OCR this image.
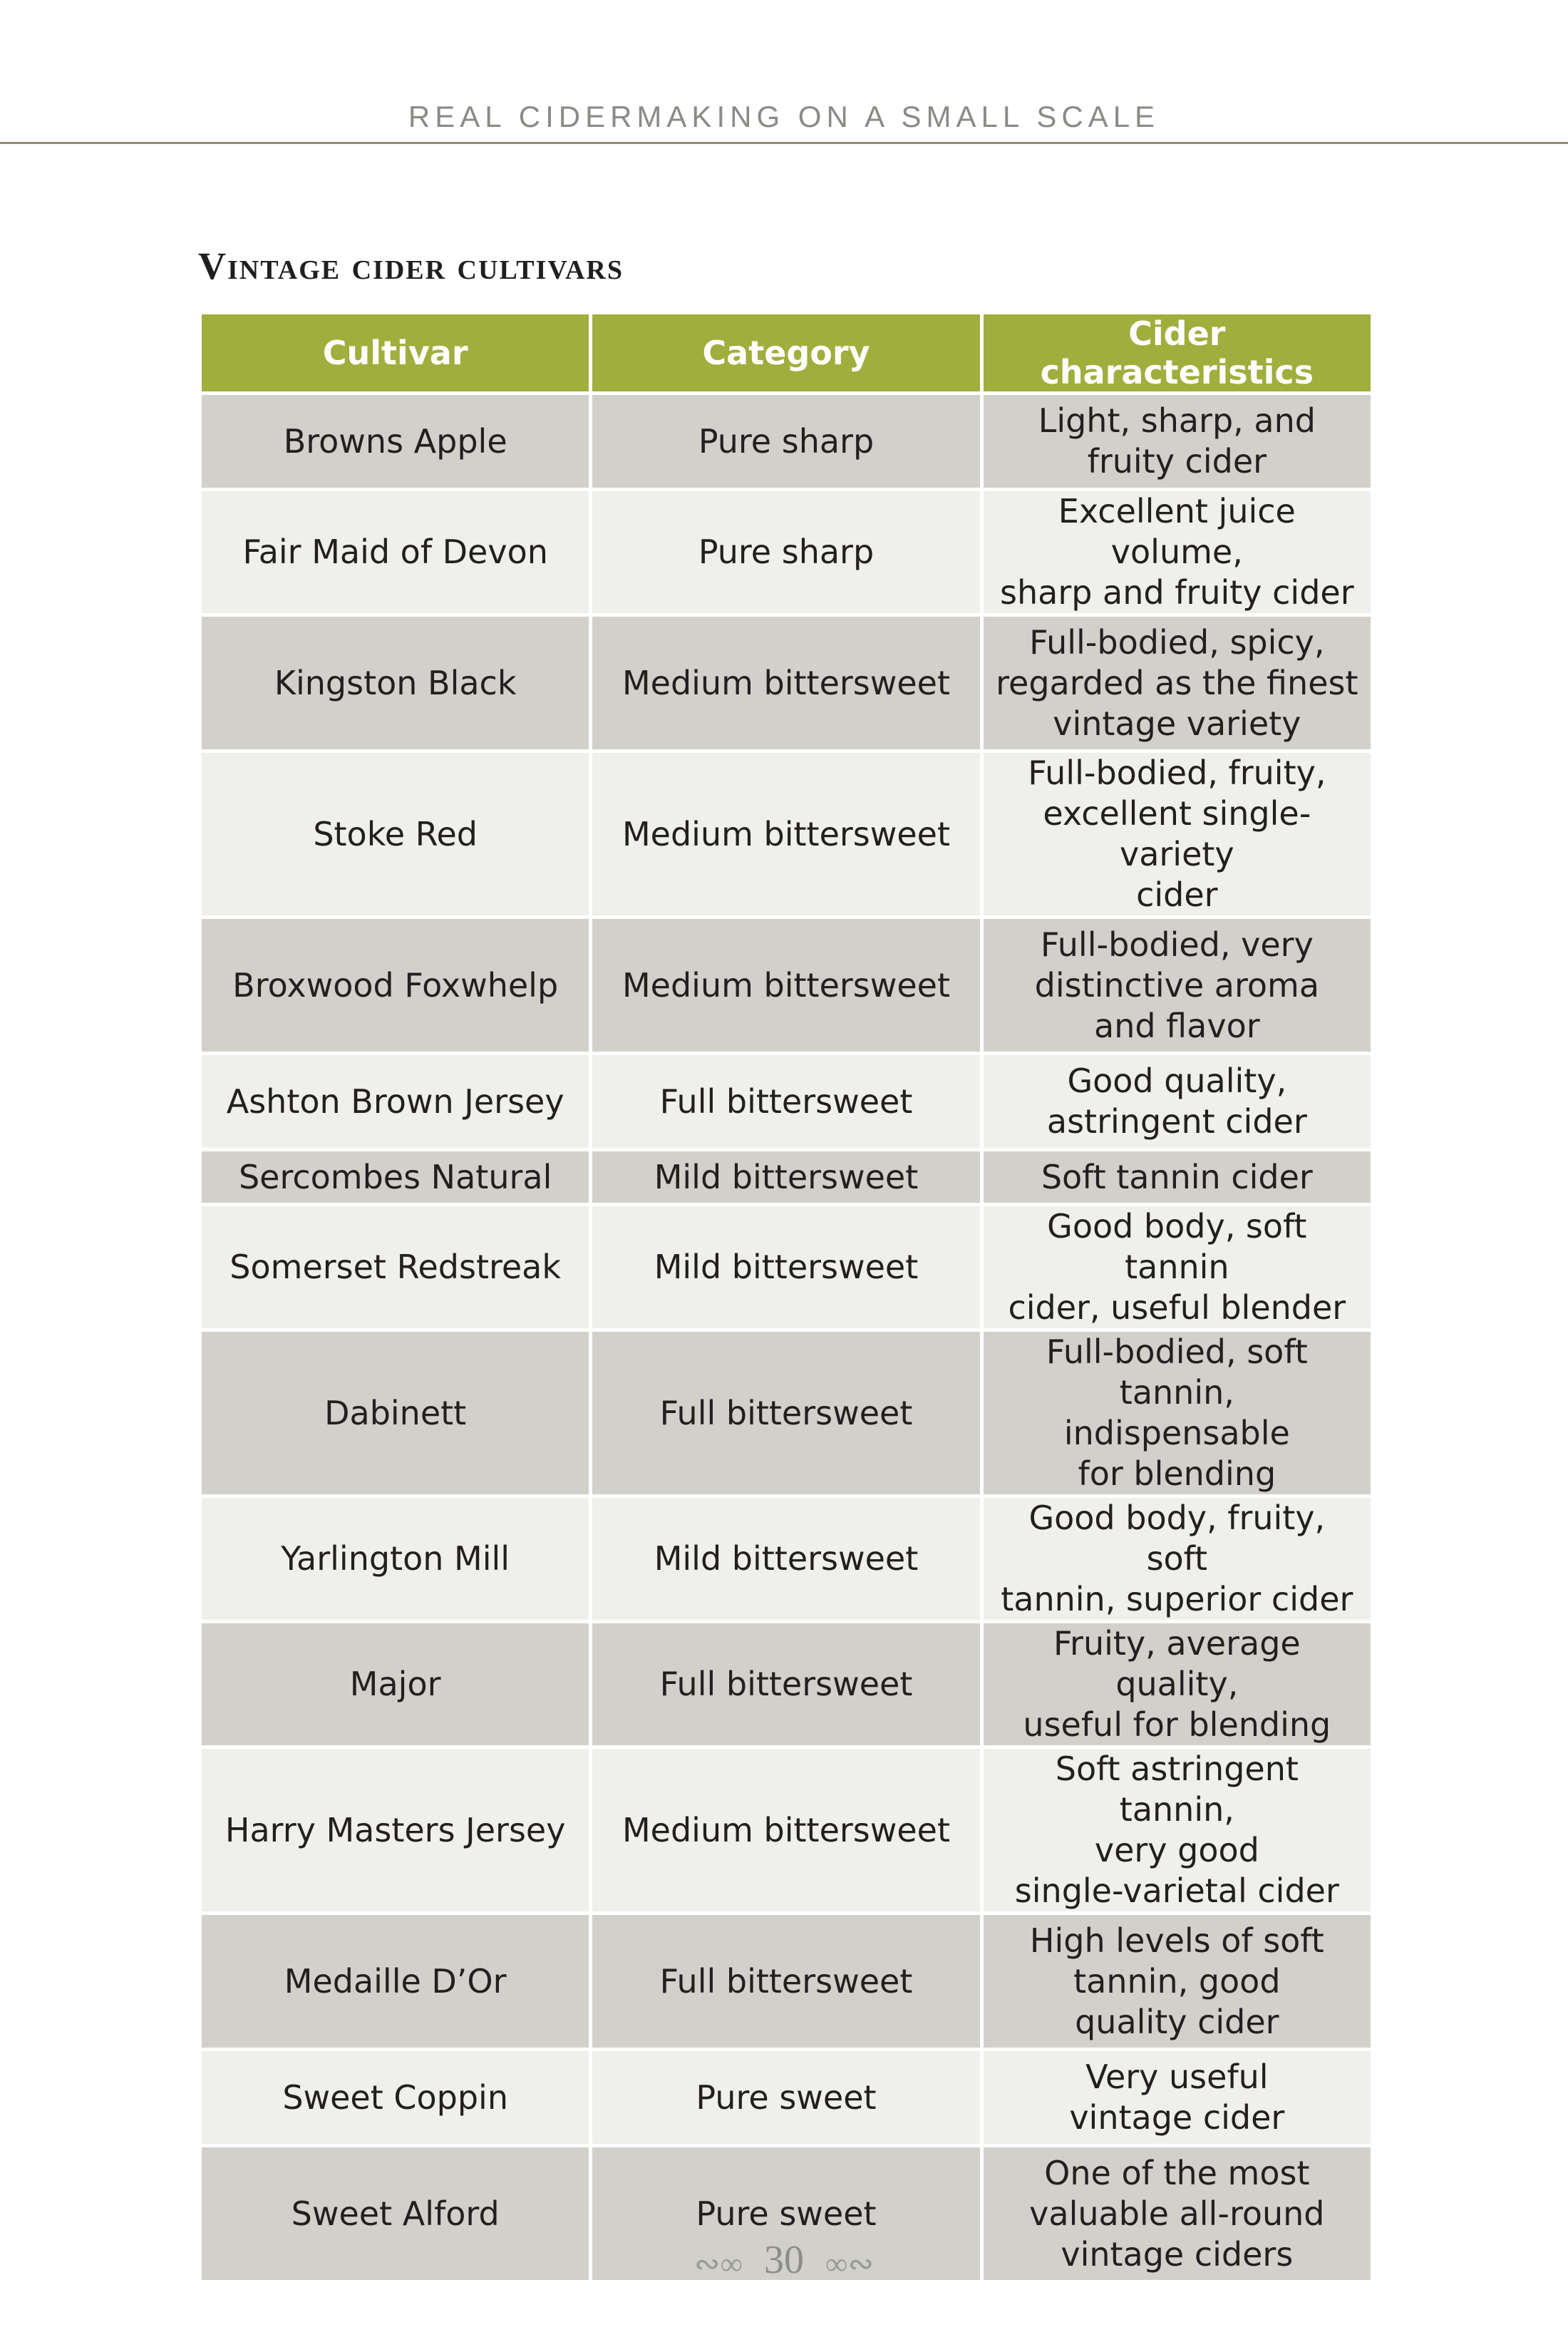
REAL CIDERMAKING ON A SMALL SCALE
Vintage cider cultivars
Cultivar	Category	Cider characteristics
Browns Apple	Pure sharp	Light, sharp, and
fruity cider

Fair Maid of Devon	Pure sharp	Excellent juice volume,
sharp and fruity cider

Kingston Black	Medium bittersweet	Full-bodied, spicy,
regarded as the finest
vintage variety

Stoke Red	Medium bittersweet	Full-bodied, fruity,
excellent single-variety
cider

Broxwood Foxwhelp	Medium bittersweet	Full-bodied, very
distinctive aroma
and flavor

Ashton Brown Jersey	Full bittersweet	Good quality,
astringent cider

Sercombes Natural	Mild bittersweet	Soft tannin cider

Somerset Redstreak	Mild bittersweet	Good body, soft tannin
cider, useful blender

Dabinett	Full bittersweet	Full-bodied, soft tannin,
indispensable
for blending

Yarlington Mill	Mild bittersweet	Good body, fruity, soft
tannin, superior cider

Major	Full bittersweet	Fruity, average quality,
useful for blending

Harry Masters Jersey	Medium bittersweet	Soft astringent tannin,
very good
single-varietal cider

Medaille D’Or	Full bittersweet	High levels of soft
tannin, good
quality cider

Sweet Coppin	Pure sweet	Very useful
vintage cider

Sweet Alford	Pure sweet	One of the most
valuable all-round
vintage ciders
∾∞ 30 ∞∾
